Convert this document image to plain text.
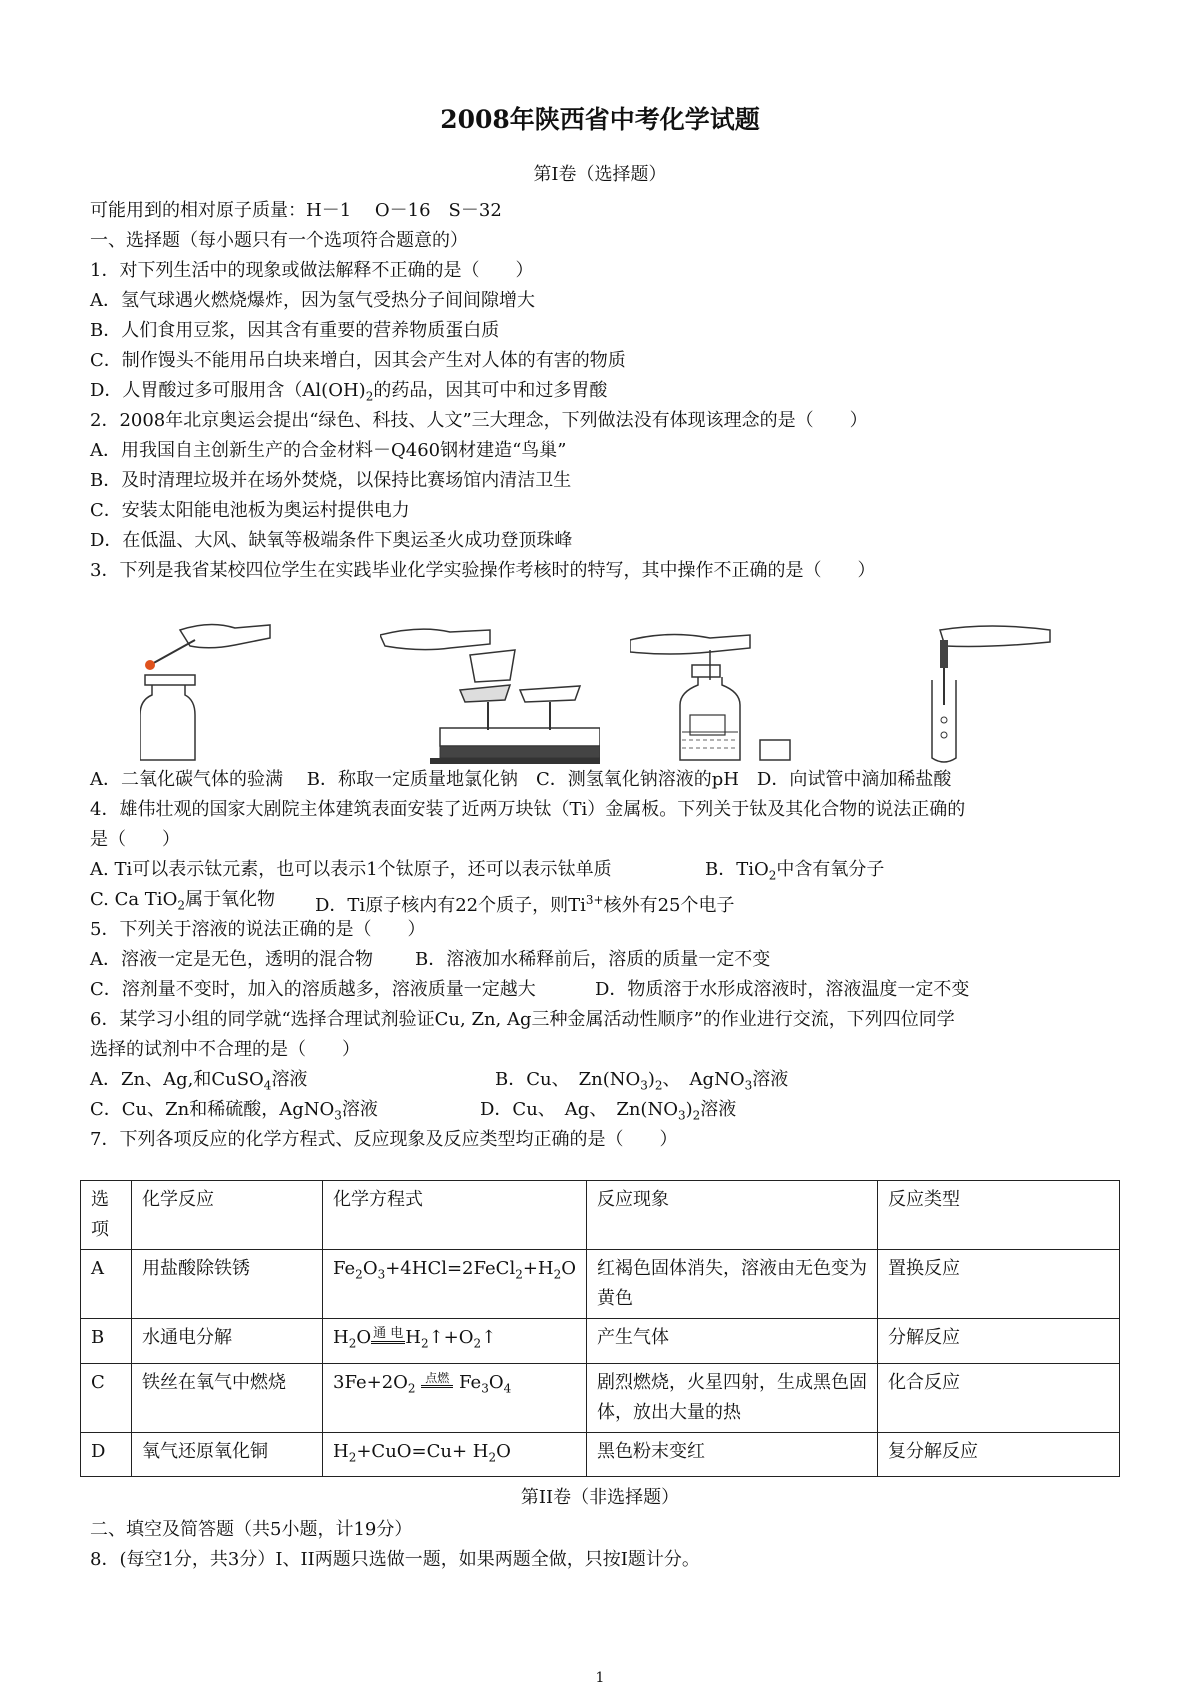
2008年陕西省中考化学试题
第I卷（选择题）
可能用到的相对原子质量：H－1　 O－16　S－32
一、选择题（每小题只有一个选项符合题意的）
1．对下列生活中的现象或做法解释不正确的是（　　）
A．氢气球遇火燃烧爆炸，因为氢气受热分子间间隙增大
B．人们食用豆浆，因其含有重要的营养物质蛋白质
C．制作馒头不能用吊白块来增白，因其会产生对人体的有害的物质
D．人胃酸过多可服用含（$Al(OH)_2$的药品，因其可中和过多胃酸
2．2008年北京奥运会提出“绿色、科技、人文”三大理念，下列做法没有体现该理念的是（　　）
A．用我国自主创新生产的合金材料－Q460钢材建造“鸟巢”
B．及时清理垃圾并在场外焚烧，以保持比赛场馆内清洁卫生
C．安装太阳能电池板为奥运村提供电力
D．在低温、大风、缺氧等极端条件下奥运圣火成功登顶珠峰
3．下列是我省某校四位学生在实践毕业化学实验操作考核时的特写，其中操作不正确的是（　　）
A．二氧化碳气体的验满　 B．称取一定质量地氯化钠　C．测氢氧化钠溶液的pH　D．向试管中滴加稀盐酸
4．雄伟壮观的国家大剧院主体建筑表面安装了近两万块钛（Ti）金属板。下列关于钛及其化合物的说法正确的
是（　　）
A. Ti可以表示钛元素，也可以表示1个钛原子，还可以表示钛单质	B．TiO$_2$中含有氧分子
C. Ca TiO$_2$属于氧化物 D．Ti原子核内有22个质子，则$Ti^{3+}$核外有25个电子
5．下列关于溶液的说法正确的是（　　）
A．溶液一定是无色，透明的混合物 B．溶液加水稀释前后，溶质的质量一定不变
C．溶剂量不变时，加入的溶质越多，溶液质量一定越大	D．物质溶于水形成溶液时，溶液温度一定不变
6．某学习小组的同学就“选择合理试剂验证Cu, Zn, Ag三种金属活动性顺序”的作业进行交流，下列四位同学
选择的试剂中不合理的是（　　）
A．Zn、Ag,和CuSO$_4$溶液	B．Cu、　$Zn(NO_3)_2$、　AgNO$_3$溶液
C．Cu、Zn和稀硫酸，AgNO$_3$溶液	D．Cu、　Ag、　$Zn(NO_3)_2$溶液
7．下列各项反应的化学方程式、反应现象及反应类型均正确的是（　　）
选项	化学反应	化学方程式	反应现象	反应类型
A	用盐酸除铁锈	$Fe_2O_3+4HCl=2FeCl_2+H_2O$	红褐色固体消失，溶液由无色变为黄色	置换反应
B	水通电分解	$H_2O$ 通 电 $H_2↑+O_2↑$	产生气体	分解反应
C	铁丝在氧气中燃烧	$3Fe+2O_2$ 点燃 $Fe_3O_4$	剧烈燃烧，火星四射，生成黑色固体，放出大量的热	化合反应
D	氧气还原氧化铜	$H_2+CuO=Cu+ H_2O$	黑色粉末变红	复分解反应
第II卷（非选择题）
二、填空及简答题（共5小题，计19分）
8．(每空1分，共3分）I、II两题只选做一题，如果两题全做，只按I题计分。
1
